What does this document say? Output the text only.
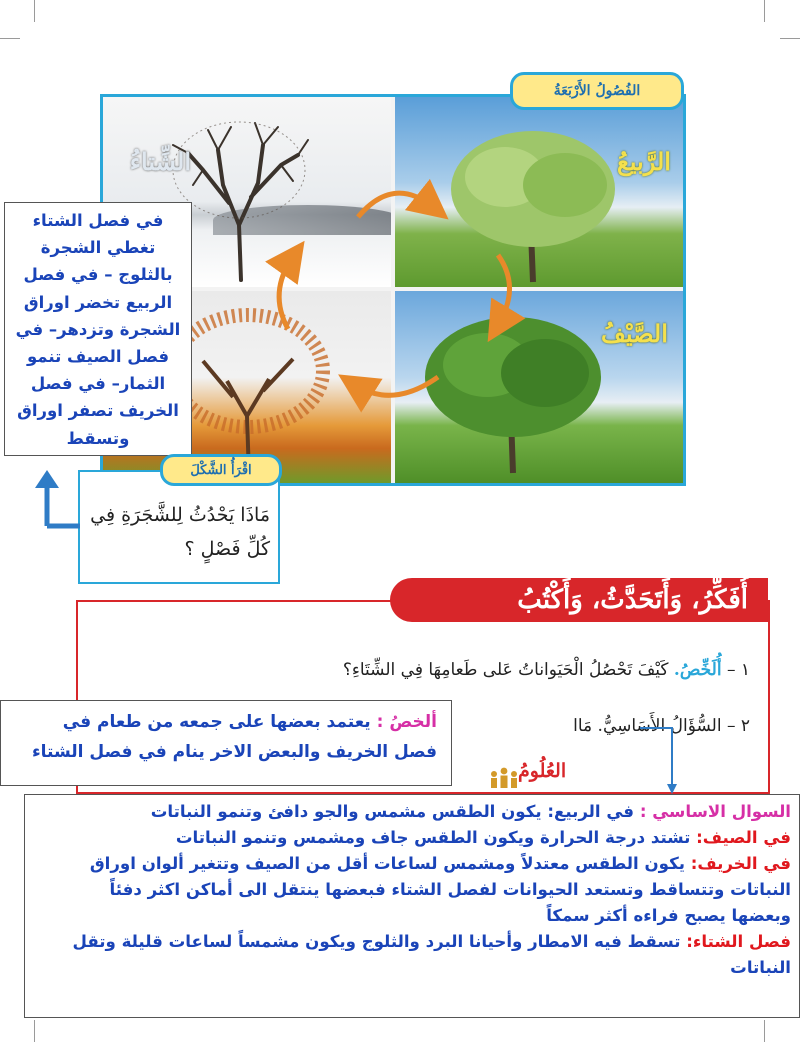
الشِّتاءُ	الرَّبيعُ
الصَّيْفُ
الفُصُولُ الأَرْبَعَةُ
في فصل الشتاء
تغطي الشجرة
بالثلوج – في فصل
الربيع تخضر اوراق
الشجرة وتزدهر– في
فصل الصيف تنمو
الثمار– في فصل
الخريف تصفر اوراق
وتسقط
مَاذَا يَحْدُثُ لِلشَّجَرَةِ فِي
كُلِّ فَصْلٍ ؟
اقْرَأُ الشَّكْلَ
أُفَكِّرُ، وَأَتَحَدَّثُ، وَأَكْتُبُ
١ – أُلَخِّصُ. كَيْفَ تَحْصُلُ الْحَيَواناتُ عَلى طَعامِهَا فِي الشِّتَاءِ؟
٢ – السُّؤَالُ الأَسَاسِيُّ. مَاا
العُلُومُ
ألخصُ : يعتمد بعضها على جمعه من طعام في
فصل الخريف والبعض الاخر ينام في فصل الشتاء

السوال الاساسي : في الربيع: يكون الطقس مشمس والجو دافئ وتنمو النباتات

في الصيف: تشتد درجة الحرارة ويكون الطقس جاف ومشمس وتنمو النباتات

في الخريف: يكون الطقس معتدلاً ومشمس لساعات أقل من الصيف وتتغير ألوان اوراق

النباتات وتتساقط وتستعد الحيوانات لفصل الشتاء فبعضها ينتقل الى أماكن اكثر دفئاً

وبعضها يصبح فراءه أكثر سمكاً

فصل الشتاء: تسقط فيه الامطار وأحيانا البرد والثلوج ويكون مشمساً لساعات قليلة وتقل

النباتات
